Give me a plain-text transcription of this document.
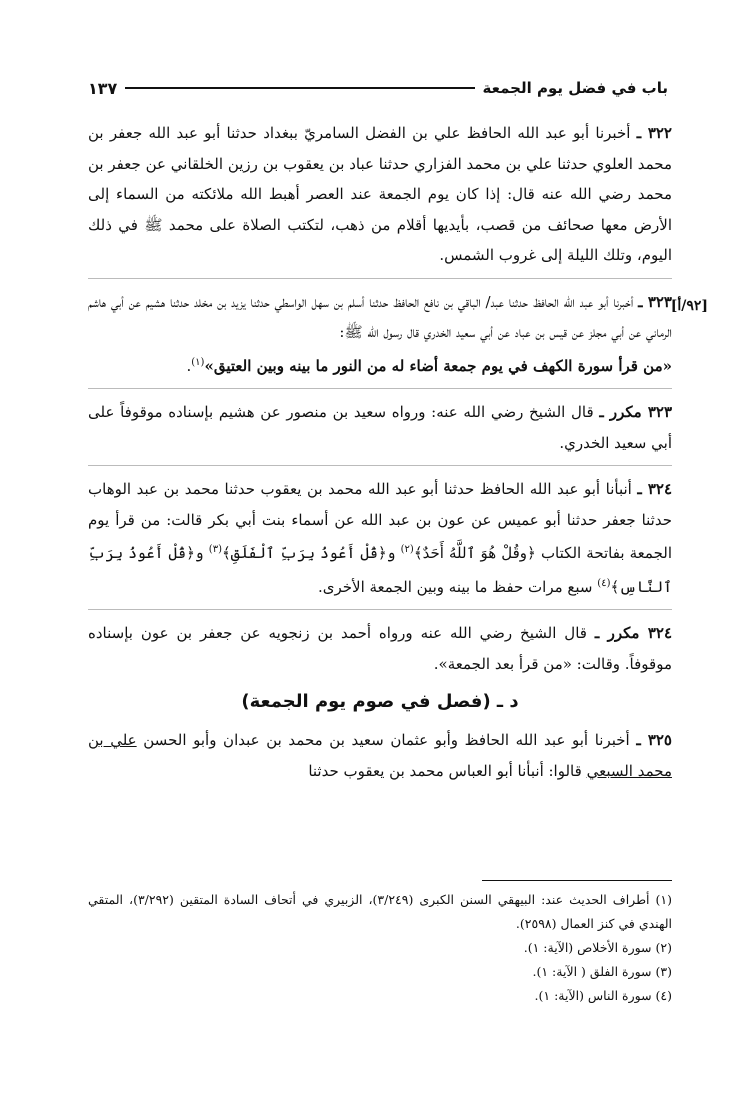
باب في فضل يوم الجمعة
١٣٧

٣٢٢ ـ أخبرنا أبو عبد الله الحافظ علي بن الفضل السامريّ ببغداد حدثنا أبو عبد الله جعفر بن محمد العلوي حدثنا علي بن محمد الفزاري حدثنا عباد بن يعقوب بن رزين الخلقاني عن جعفر بن محمد رضي الله عنه قال: إذا كان يوم الجمعة عند العصر أهبط الله ملائكته من السماء إلى الأرض معها صحائف من قصب، بأيديها أقلام من ذهب، لتكتب الصلاة على محمد ﷺ في ذلك اليوم، وتلك الليلة إلى غروب الشمس.

[٩٢/أ]
٣٢٣ ـ أخبرنا أبو عبد الله الحافظ حدثنا عبد/ الباقي بن نافع الحافظ حدثنا أسلم بن سهل الواسطي حدثنا يزيد بن مخلد حدثنا هشيم عن أبي هاشم الرماني عن أبي مجلز عن قيس بن عباد عن أبي سعيد الخدري قال رسول الله ﷺ:
«من قرأ سورة الكهف في يوم جمعة أضاء له من النور ما بينه وبين العتيق»$^{(١)}$.

٣٢٣ مكرر ـ قال الشيخ رضي الله عنه: ورواه سعيد بن منصور عن هشيم بإسناده موقوفاً على أبي سعيد الخدري.

٣٢٤ ـ أنبأنا أبو عبد الله الحافظ حدثنا أبو عبد الله محمد بن يعقوب حدثنا محمد بن عبد الوهاب حدثنا جعفر حدثنا أبو عميس عن عون بن عبد الله عن أسماء بنت أبي بكر قالت: من قرأ يوم الجمعة بفاتحة الكتاب ﴿وقُلْ هُوَ ٱللَّهُ أَحَدٌ﴾$^{(٢)}$ و﴿قُلْ أَعُوذُ بِرَبِّ ٱلْفَلَقِ﴾$^{(٣)}$ و﴿قُلْ أَعُوذُ بِرَبِّ ٱلنَّاسِ﴾$^{(٤)}$ سبع مرات حفظ ما بينه وبين الجمعة الأخرى.

٣٢٤ مكرر ـ قال الشيخ رضي الله عنه ورواه أحمد بن زنجويه عن جعفر بن عون بإسناده موقوفاً. وقالت: «من قرأ بعد الجمعة».

د ـ (فصل في صوم يوم الجمعة)

٣٢٥ ـ أخبرنا أبو عبد الله الحافظ وأبو عثمان سعيد بن محمد بن عبدان وأبو الحسن علي بن محمد السبعي قالوا: أنبأنا أبو العباس محمد بن يعقوب حدثنا

(١) أطراف الحديث عند: البيهقي السنن الكبرى (٣/٢٤٩)، الزبيري في أتحاف السادة المتقين (٣/٢٩٢)، المتقي الهندي في كنز العمال (٢٥٩٨).

(٢) سورة الأخلاص (الآية: ١).

(٣) سورة الفلق ( الآية: ١).

(٤) سورة الناس (الآية: ١).
